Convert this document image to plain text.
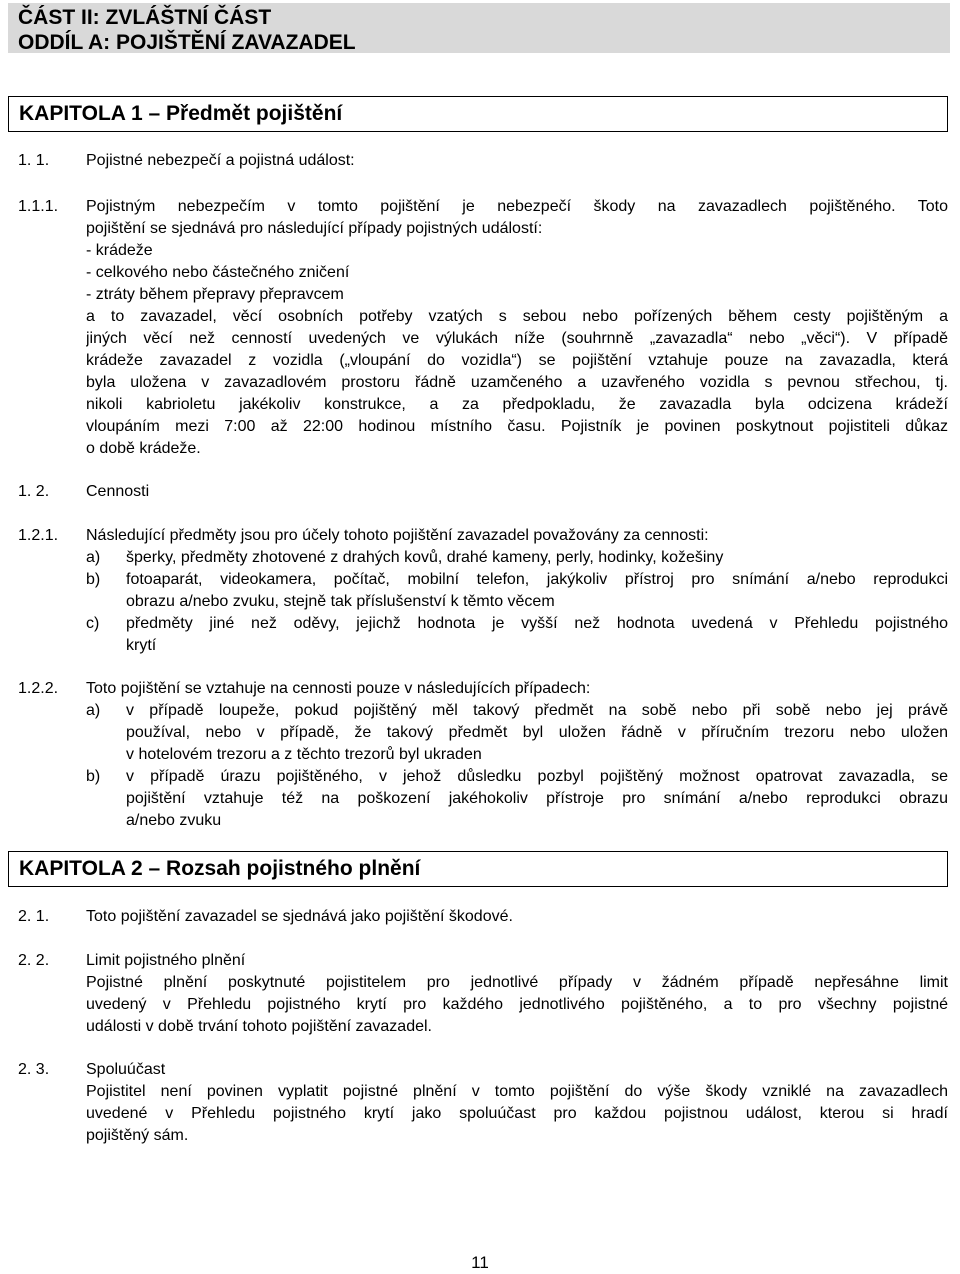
ČÁST II: ZVLÁŠTNÍ ČÁST
ODDÍL A: POJIŠTĚNÍ ZAVAZADEL
KAPITOLA 1 – Předmět pojištění
1. 1.	Pojistné nebezpečí a pojistná událost:
1.1.1.	Pojistným nebezpečím v tomto pojištění je nebezpečí škody na zavazadlech pojištěného. Toto
pojištění se sjednává pro následující případy pojistných událostí:
- krádeže
- celkového nebo částečného zničení
- ztráty během přepravy přepravcem
a to zavazadel, věcí osobních potřeby vzatých s sebou nebo pořízených během cesty pojištěným a
jiných věcí než cenností uvedených ve výlukách níže (souhrnně „zavazadla“ nebo „věci“). V případě
krádeže zavazadel z vozidla („vloupání do vozidla“) se pojištění vztahuje pouze na zavazadla, která
byla uložena v zavazadlovém prostoru řádně uzamčeného a uzavřeného vozidla s pevnou střechou, tj.
nikoli kabrioletu jakékoliv konstrukce, a za předpokladu, že zavazadla byla odcizena krádeží
vloupáním mezi 7:00 až 22:00 hodinou místního času. Pojistník je povinen poskytnout pojistiteli důkaz
o době krádeže.
1. 2.	Cennosti
1.2.1.	Následující předměty jsou pro účely tohoto pojištění zavazadel považovány za cennosti:
a)	šperky, předměty zhotovené z drahých kovů, drahé kameny, perly, hodinky, kožešiny
b)	fotoaparát, videokamera, počítač, mobilní telefon, jakýkoliv přístroj pro snímání a/nebo reprodukci
obrazu a/nebo zvuku, stejně tak příslušenství k těmto věcem
c)	předměty jiné než oděvy, jejichž hodnota je vyšší než hodnota uvedená v Přehledu pojistného
krytí
1.2.2.	Toto pojištění se vztahuje na cennosti pouze v následujících případech:
a)	v případě loupeže, pokud pojištěný měl takový předmět na sobě nebo při sobě nebo jej právě
používal, nebo v případě, že takový předmět byl uložen řádně v příručním trezoru nebo uložen
v hotelovém trezoru a z těchto trezorů byl ukraden
b)	v případě úrazu pojištěného, v jehož důsledku pozbyl pojištěný možnost opatrovat zavazadla, se
pojištění vztahuje též na poškození jakéhokoliv přístroje pro snímání a/nebo reprodukci obrazu
a/nebo zvuku
KAPITOLA 2 – Rozsah pojistného plnění
2. 1.	Toto pojištění zavazadel se sjednává jako pojištění škodové.
2. 2.	Limit pojistného plnění
Pojistné plnění poskytnuté pojistitelem pro jednotlivé případy v žádném případě nepřesáhne limit
uvedený v Přehledu pojistného krytí pro každého jednotlivého pojištěného, a to pro všechny pojistné
události v době trvání tohoto pojištění zavazadel.
2. 3.	Spoluúčast
Pojistitel není povinen vyplatit pojistné plnění v tomto pojištění do výše škody vzniklé na zavazadlech
uvedené v Přehledu pojistného krytí jako spoluúčast pro každou pojistnou událost, kterou si hradí
pojištěný sám.
11
